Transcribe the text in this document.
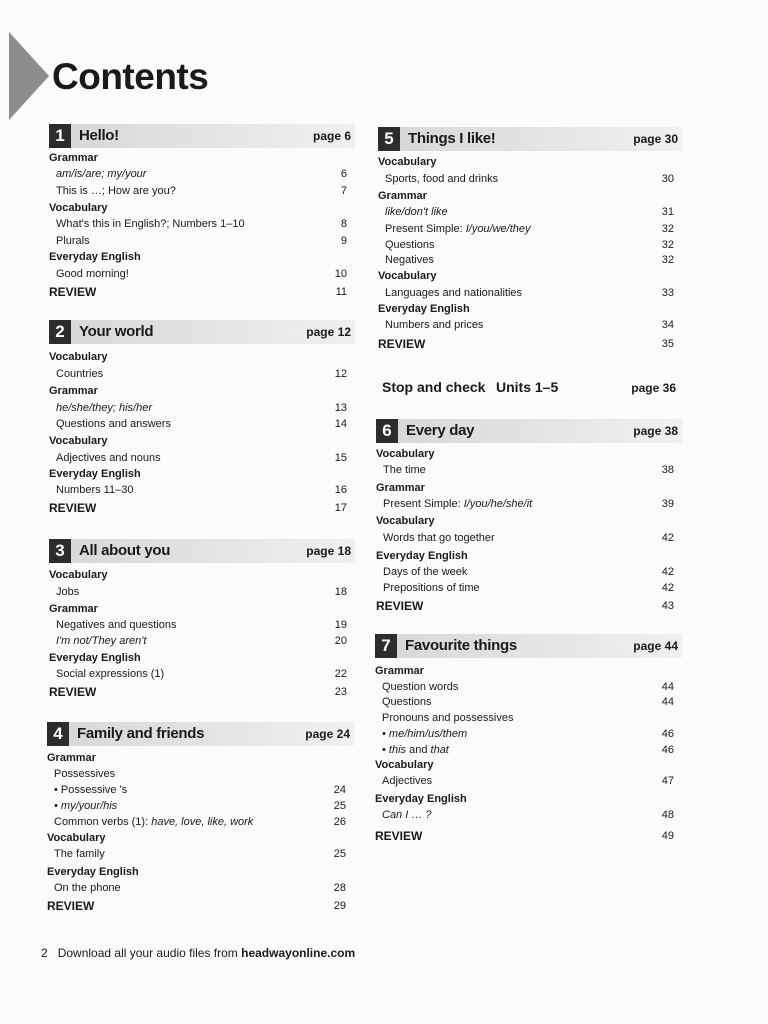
Contents
1 Hello!	page 6
Grammar
am/is/are; my/your	6
This is …; How are you?	7
Vocabulary
What's this in English?; Numbers 1–10	8
Plurals	9
Everyday English
Good morning!	10
REVIEW	11
2 Your world	page 12
Vocabulary
Countries	12
Grammar
he/she/they; his/her	13
Questions and answers	14
Vocabulary
Adjectives and nouns	15
Everyday English
Numbers 11–30	16
REVIEW	17
3 All about you	page 18
Vocabulary
Jobs	18
Grammar
Negatives and questions	19
I'm not/They aren't	20
Everyday English
Social expressions (1)	22
REVIEW	23
4 Family and friends	page 24
Grammar
Possessives
• Possessive 's	24
• my/your/his	25
Common verbs (1): have, love, like, work	26
Vocabulary
The family	25
Everyday English
On the phone	28
REVIEW	29
5 Things I like!	page 30
Vocabulary
Sports, food and drinks	30
Grammar
like/don't like	31
Present Simple: I/you/we/they	32
Questions	32
Negatives	32
Vocabulary
Languages and nationalities	33
Everyday English
Numbers and prices	34
REVIEW	35
6 Every day	page 38
Vocabulary
The time	38
Grammar
Present Simple: I/you/he/she/it	39
Vocabulary
Words that go together	42
Everyday English
Days of the week	42
Prepositions of time	42
REVIEW	43
7 Favourite things	page 44
Grammar
Question words	44
Questions	44
Pronouns and possessives
• me/him/us/them	46
• this and that	46
Vocabulary
Adjectives	47
Everyday English
Can I … ?	48
REVIEW	49
Stop and check Units 1–5	page 36
2 Download all your audio files from headwayonline.com
